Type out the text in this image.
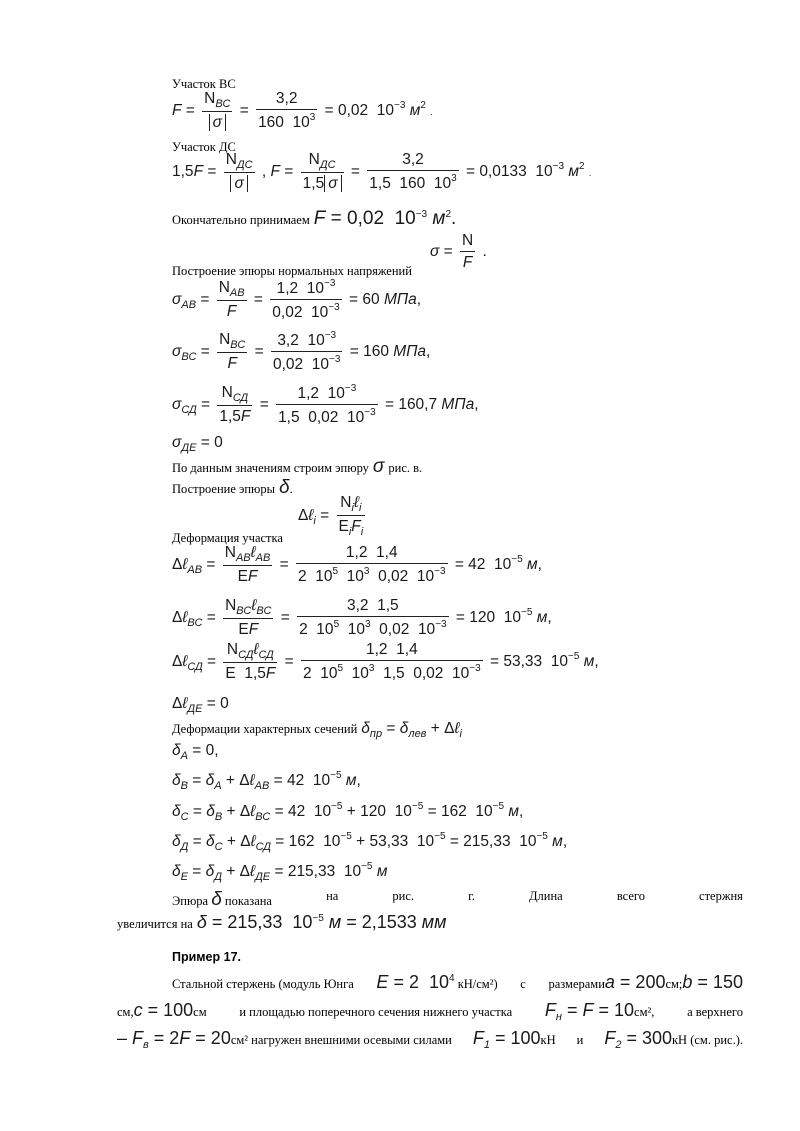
Участок ВС
$F = \frac{N_{ВС}}{\sigma} = \frac{3,2}{160 10^3} = 0,02$  $10^{-3}$ $м^2$ .
Участок ДС
$1,5F = \frac{N_{ДС}}{\sigma}$ , $F = \frac{N_{ДС}}{1,5 \sigma} = \frac{3,2}{1,5 160 10^3} = 0,0133$  $10^{-3}$ $м^2$ .
Окончательно принимаем F = 0,02  $10^{-3}$ $м^2$.
$\sigma = \frac{N}{F}$ .
Построение эпюры нормальных напряжений
$\sigma_{АВ} = \frac{N_{АВ}}{F} = \frac{1,2 10^{-3}}{0,02 10^{-3}} = 60$ МПа,
$\sigma_{ВС} = \frac{N_{ВС}}{F} = \frac{3,2 10^{-3}}{0,02 10^{-3}} = 160$ МПа,
$\sigma_{СД} = \frac{N_{СД}}{1,5F} = \frac{1,2 10^{-3}}{1,5 0,02 10^{-3}} = 160,7$ МПа,
$\sigma_{ДЕ} = 0$
По данным значениям строим эпюру σ рис. в.
Построение эпюры δ.
Δℓ$_i$ = $\frac{N_i\ell_i}{E_iF_i}$
Деформация участка
Δℓ$_{АВ}$ = $\frac{N_{АВ}\ell_{АВ}}{EF} = \frac{1,2 1,4}{2 10^5 10^3 0,02 10^{-3}} = 42$  $10^{-5}$ м,
Δℓ$_{ВС}$ = $\frac{N_{ВС}\ell_{ВС}}{EF} = \frac{3,2 1,5}{2 10^5 10^3 0,02 10^{-3}} = 120$  $10^{-5}$ м,
Δℓ$_{СД}$ = $\frac{N_{СД}\ell_{СД}}{E 1,5F} = \frac{1,2 1,4}{2 10^5 10^3 1,5 0,02 10^{-3}} = 53,33$  $10^{-5}$ м,
Δℓ$_{ДЕ}$ = 0
Деформации характерных сечений $\delta_{пр} = \delta_{лев}$ + Δℓ$_i$
$\delta_А = 0$,
$\delta_В = \delta_А$ + Δℓ$_{АВ}$ = 42  $10^{-5}$ м,
$\delta_С = \delta_В$ + Δℓ$_{ВС}$ = 42  $10^{-5} + 120$  $10^{-5} = 162$  $10^{-5}$ м,
$\delta_Д = \delta_С$ + Δℓ$_{СД}$ = 162  $10^{-5} + 53,33$  $10^{-5} = 215,33$  $10^{-5}$ м,
$\delta_Е = \delta_Д$ + Δℓ$_{ДЕ}$ = 215,33  $10^{-5}$ м
Эпюра δ показана	на	рис.	г.	Длина	всего	стержня
увеличится на δ = 215,33  $10^{-5}$ м = 2,1533 мм
Пример 17.
Стальной стержень (модуль Юнга E = 2  $10^4$ кН/см²) с размерамиa = 200см;b = 150
см,c = 100см	и площадью поперечного сечения нижнего участка $F_н = F = 10см^2$,	а верхнего
– $F_в = 2F = 20см^2$ нагружен внешними осевыми силами $F_1 = 100кН$ и $F_2 = 300кН$ (см. рис.).
